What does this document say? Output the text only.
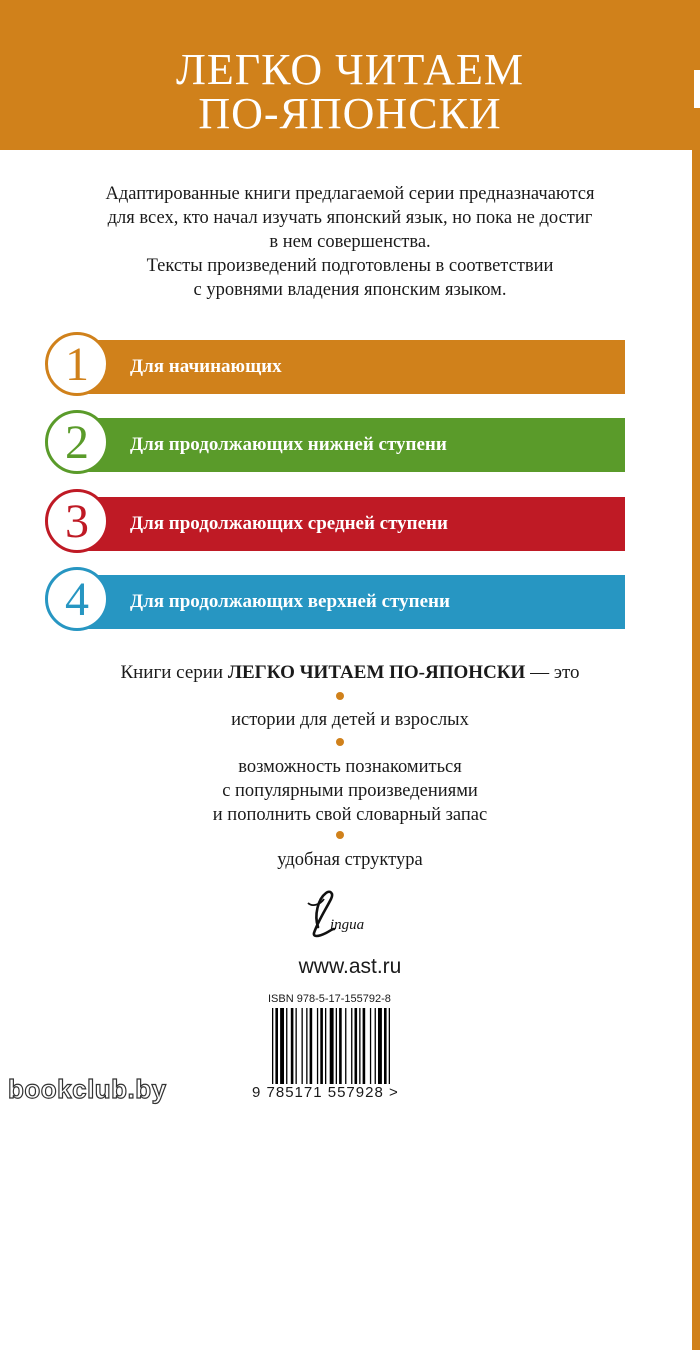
ЛЕГКО ЧИТАЕМ
ПО-ЯПОНСКИ

Адаптированные книги предлагаемой серии предназначаются

для всех, кто начал изучать японский язык, но пока не достиг

в нем совершенства.

Тексты произведений подготовлены в соответствии

с уровнями владения японским языком.

1	Для начинающих
2	Для продолжающих нижней ступени
3	Для продолжающих средней ступени
4	Для продолжающих верхней ступени
Книги серии ЛЕГКО ЧИТАЕМ ПО-ЯПОНСКИ — это
истории для детей и взрослых
возможность познакомиться
с популярными произведениями
и пополнить свой словарный запас
удобная структура
ingua
www.ast.ru
ISBN 978-5-17-155792-8
9 785171 557928 >
bookclub.by
